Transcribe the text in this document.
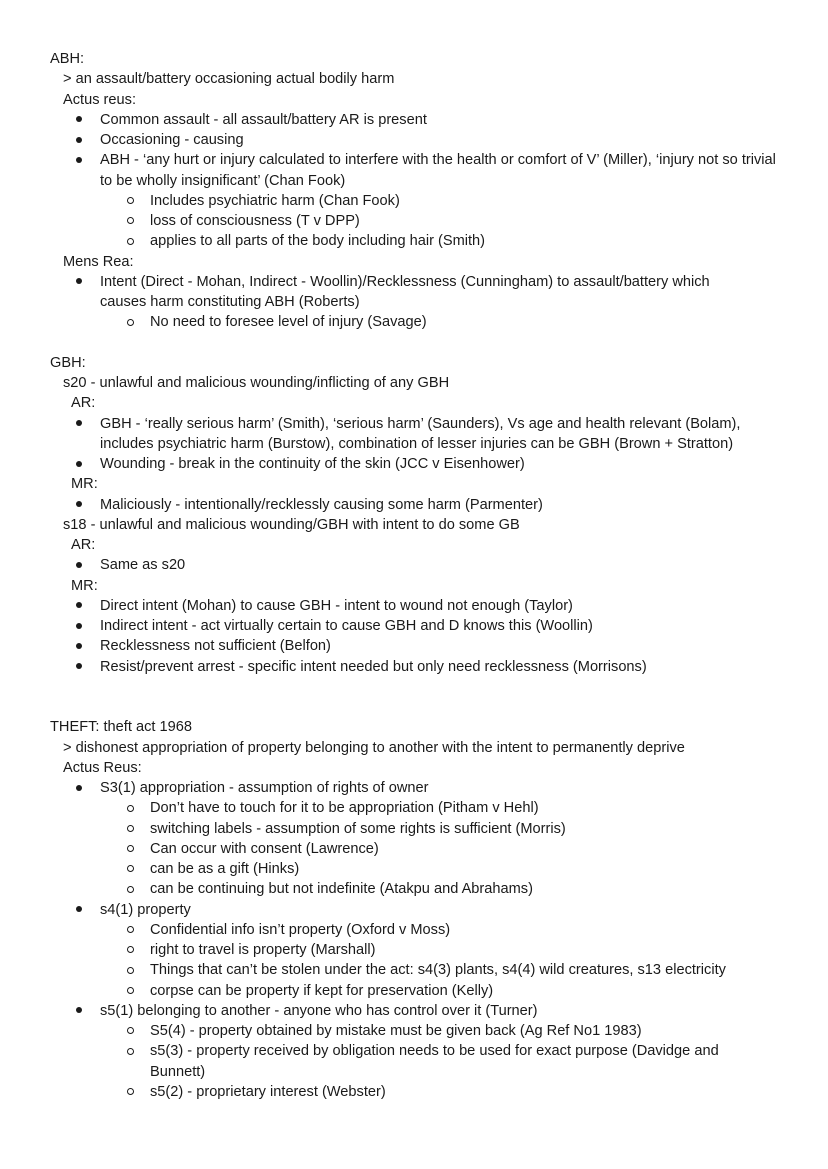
ABH:
> an assault/battery occasioning actual bodily harm
Actus reus:
Common assault - all assault/battery AR is present
Occasioning - causing
ABH - ‘any hurt or injury calculated to interfere with the health or comfort of V’ (Miller), ‘injury not so trivial to be wholly insignificant’ (Chan Fook)
Includes psychiatric harm (Chan Fook)
loss of consciousness (T v DPP)
applies to all parts of the body including hair (Smith)
Mens Rea:
Intent (Direct - Mohan, Indirect - Woollin)/Recklessness (Cunningham) to assault/battery which causes harm constituting ABH (Roberts)
No need to foresee level of injury (Savage)
GBH:
s20 - unlawful and malicious wounding/inflicting of any GBH
AR:
GBH - ‘really serious harm’ (Smith), ‘serious harm’ (Saunders), Vs age and health relevant (Bolam), includes psychiatric harm (Burstow), combination of lesser injuries can be GBH (Brown + Stratton)
Wounding - break in the continuity of the skin (JCC v Eisenhower)
MR:
Maliciously - intentionally/recklessly causing some harm (Parmenter)
s18 - unlawful and malicious wounding/GBH with intent to do some GB
AR:
Same as s20
MR:
Direct intent (Mohan) to cause GBH - intent to wound not enough (Taylor)
Indirect intent - act virtually certain to cause GBH and D knows this (Woollin)
Recklessness not sufficient (Belfon)
Resist/prevent arrest - specific intent needed but only need recklessness (Morrisons)
THEFT: theft act 1968
> dishonest appropriation of property belonging to another with the intent to permanently deprive
Actus Reus:
S3(1) appropriation - assumption of rights of owner
Don’t have to touch for it to be appropriation (Pitham v Hehl)
switching labels - assumption of some rights is sufficient (Morris)
Can occur with consent (Lawrence)
can be as a gift (Hinks)
can be continuing but not indefinite (Atakpu and Abrahams)
s4(1) property
Confidential info isn’t property (Oxford v Moss)
right to travel is property (Marshall)
Things that can’t be stolen under the act: s4(3) plants, s4(4) wild creatures, s13 electricity
corpse can be property if kept for preservation (Kelly)
s5(1) belonging to another - anyone who has control over it (Turner)
S5(4) - property obtained by mistake must be given back (Ag Ref No1 1983)
s5(3) - property received by obligation needs to be used for exact purpose (Davidge and Bunnett)
s5(2) - proprietary interest (Webster)
